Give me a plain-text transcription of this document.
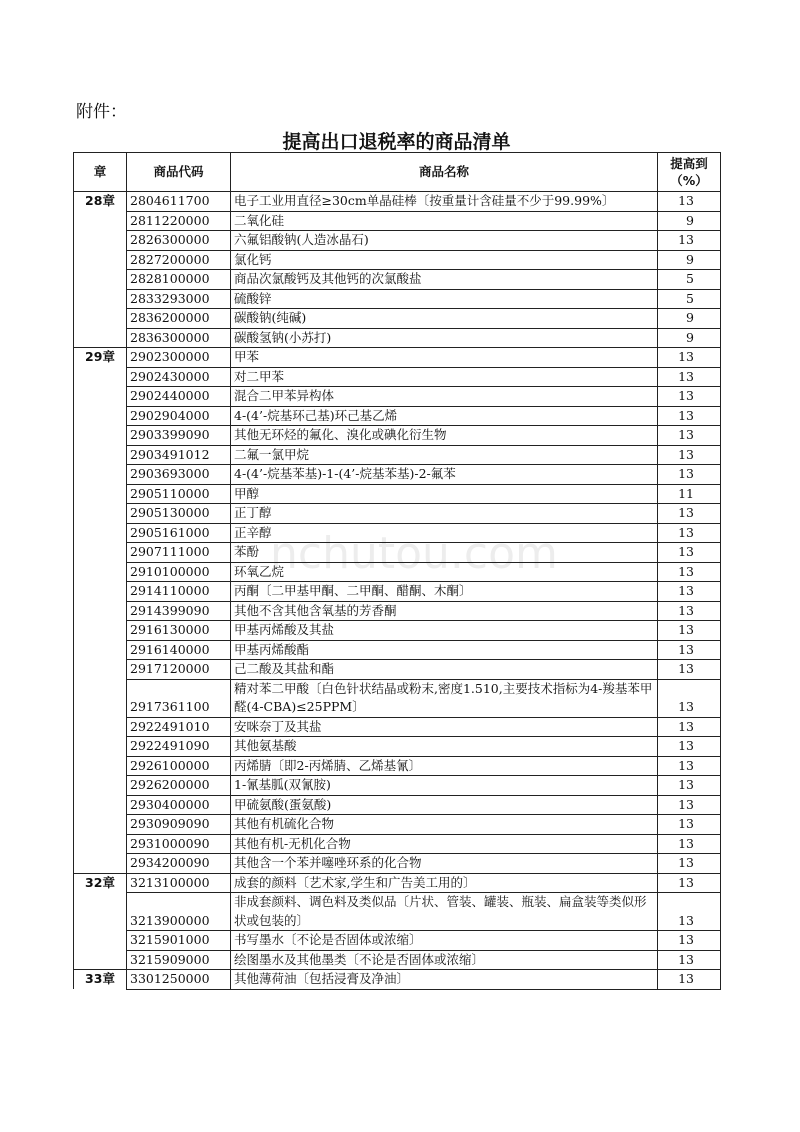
附件：
提高出口退税率的商品清单
nchutou.com
章	商品代码	商品名称	提高到（%）
28章	2804611700	电子工业用直径≥30cm单晶硅棒〔按重量计含硅量不少于99.99%〕	13
	2811220000	二氧化硅	9
	2826300000	六氟铝酸钠(人造冰晶石)	13
	2827200000	氯化钙	9
	2828100000	商品次氯酸钙及其他钙的次氯酸盐	5
	2833293000	硫酸锌	5
	2836200000	碳酸钠(纯碱)	9
	2836300000	碳酸氢钠(小苏打)	9
29章	2902300000	甲苯	13
	2902430000	对二甲苯	13
	2902440000	混合二甲苯异构体	13
	2902904000	4-(4’-烷基环己基)环己基乙烯	13
	2903399090	其他无环烃的氟化、溴化或碘化衍生物	13
	2903491012	二氟一氯甲烷	13
	2903693000	4-(4’-烷基苯基)-1-(4’-烷基苯基)-2-氟苯	13
	2905110000	甲醇	11
	2905130000	正丁醇	13
	2905161000	正辛醇	13
	2907111000	苯酚	13
	2910100000	环氧乙烷	13
	2914110000	丙酮〔二甲基甲酮、二甲酮、醋酮、木酮〕	13
	2914399090	其他不含其他含氧基的芳香酮	13
	2916130000	甲基丙烯酸及其盐	13
	2916140000	甲基丙烯酸酯	13
	2917120000	己二酸及其盐和酯	13
	2917361100	精对苯二甲酸〔白色针状结晶或粉末,密度1.510,主要技术指标为4-羧基苯甲醛(4-CBA)≤25PPM〕	13
	2922491010	安咪奈丁及其盐	13
	2922491090	其他氨基酸	13
	2926100000	丙烯腈〔即2-丙烯腈、乙烯基氰〕	13
	2926200000	1-氰基胍(双氰胺)	13
	2930400000	甲硫氨酸(蛋氨酸)	13
	2930909090	其他有机硫化合物	13
	2931000090	其他有机-无机化合物	13
	2934200090	其他含一个苯并噻唑环系的化合物	13
32章	3213100000	成套的颜料〔艺术家,学生和广告美工用的〕	13
	3213900000	非成套颜料、调色料及类似品〔片状、管装、罐装、瓶装、扁盒装等类似形状或包装的〕	13
	3215901000	书写墨水〔不论是否固体或浓缩〕	13
	3215909000	绘图墨水及其他墨类〔不论是否固体或浓缩〕	13
33章	3301250000	其他薄荷油〔包括浸膏及净油〕	13
